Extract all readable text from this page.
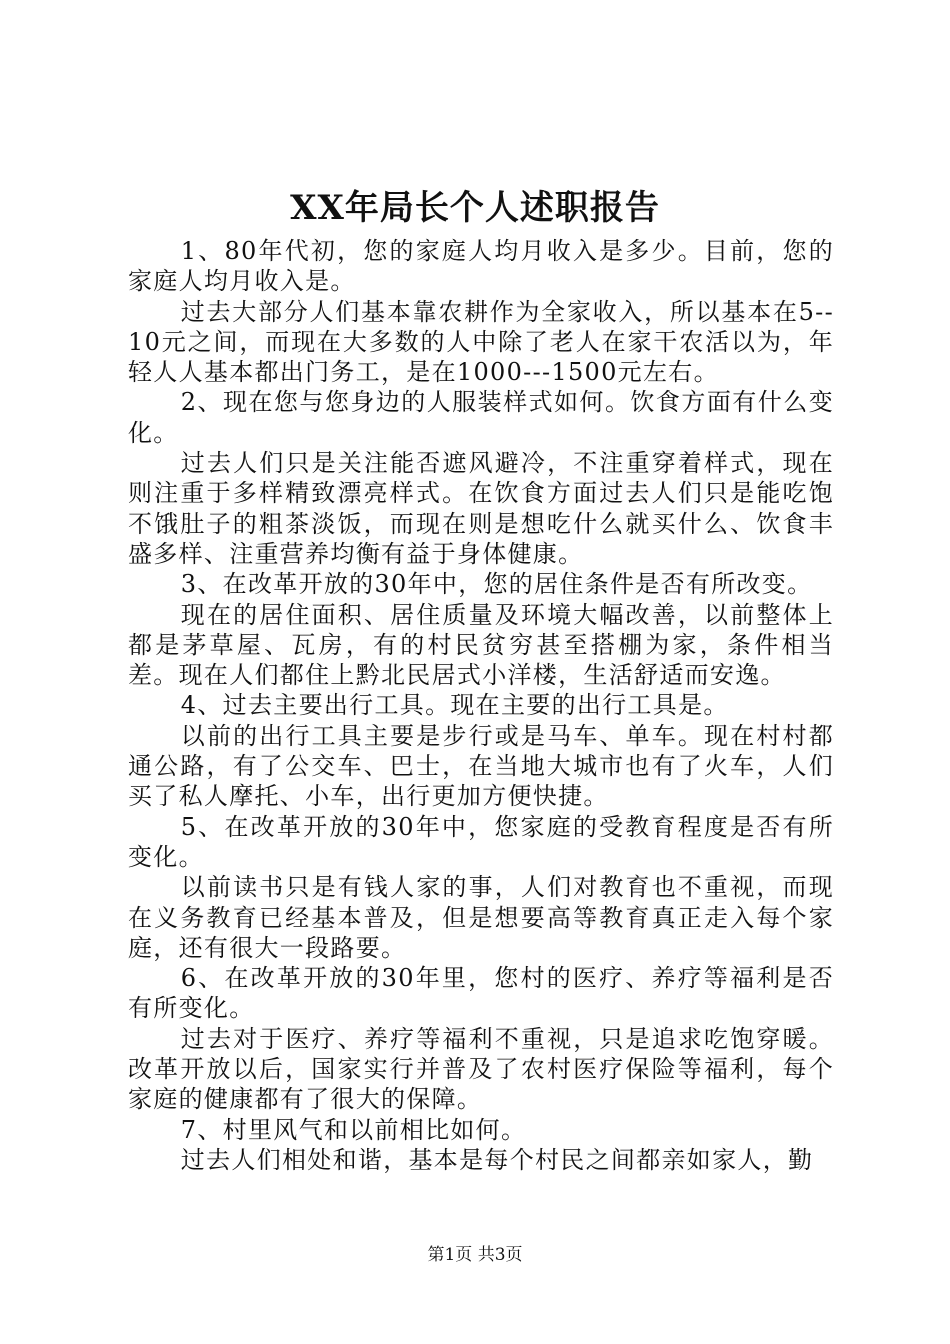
XX年局长个人述职报告

1、80年代初，您的家庭人均月收入是多少。目前，您的家庭人均月收入是。

过去大部分人们基本靠农耕作为全家收入，所以基本在5--10元之间，而现在大多数的人中除了老人在家干农活以为，年轻人人基本都出门务工，是在1000---1500元左右。

2、现在您与您身边的人服装样式如何。饮食方面有什么变化。

过去人们只是关注能否遮风避冷，不注重穿着样式，现在则注重于多样精致漂亮样式。在饮食方面过去人们只是能吃饱不饿肚子的粗茶淡饭，而现在则是想吃什么就买什么、饮食丰盛多样、注重营养均衡有益于身体健康。

3、在改革开放的30年中，您的居住条件是否有所改变。

现在的居住面积、居住质量及环境大幅改善，以前整体上都是茅草屋、瓦房，有的村民贫穷甚至搭棚为家，条件相当差。现在人们都住上黔北民居式小洋楼，生活舒适而安逸。

4、过去主要出行工具。现在主要的出行工具是。

以前的出行工具主要是步行或是马车、单车。现在村村都通公路，有了公交车、巴士，在当地大城市也有了火车，人们买了私人摩托、小车，出行更加方便快捷。

5、在改革开放的30年中，您家庭的受教育程度是否有所变化。

以前读书只是有钱人家的事，人们对教育也不重视，而现在义务教育已经基本普及，但是想要高等教育真正走入每个家庭，还有很大一段路要。

6、在改革开放的30年里，您村的医疗、养疗等福利是否有所变化。

过去对于医疗、养疗等福利不重视，只是追求吃饱穿暖。改革开放以后，国家实行并普及了农村医疗保险等福利，每个家庭的健康都有了很大的保障。

7、村里风气和以前相比如何。

过去人们相处和谐，基本是每个村民之间都亲如家人，勤

第1页 共3页
